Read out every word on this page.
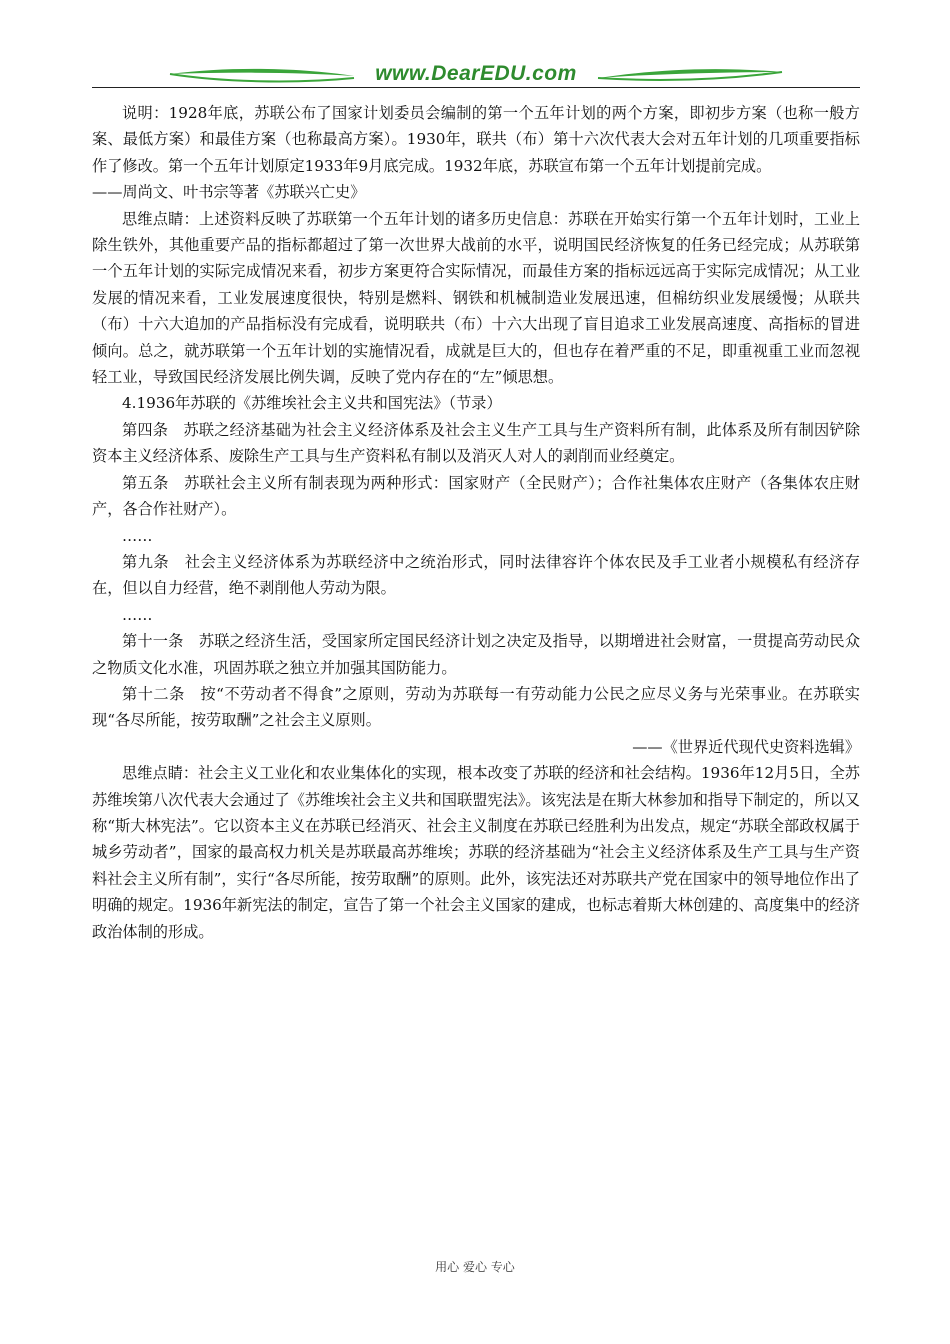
www.DearEDU.com

说明：1928年底，苏联公布了国家计划委员会编制的第一个五年计划的两个方案，即初步方案（也称一般方案、最低方案）和最佳方案（也称最高方案）。1930年，联共（布）第十六次代表大会对五年计划的几项重要指标作了修改。第一个五年计划原定1933年9月底完成。1932年底，苏联宣布第一个五年计划提前完成。

——周尚文、叶书宗等著《苏联兴亡史》

思维点睛：上述资料反映了苏联第一个五年计划的诸多历史信息：苏联在开始实行第一个五年计划时，工业上除生铁外，其他重要产品的指标都超过了第一次世界大战前的水平，说明国民经济恢复的任务已经完成；从苏联第一个五年计划的实际完成情况来看，初步方案更符合实际情况，而最佳方案的指标远远高于实际完成情况；从工业发展的情况来看，工业发展速度很快，特别是燃料、钢铁和机械制造业发展迅速，但棉纺织业发展缓慢；从联共（布）十六大追加的产品指标没有完成看，说明联共（布）十六大出现了盲目追求工业发展高速度、高指标的冒进倾向。总之，就苏联第一个五年计划的实施情况看，成就是巨大的，但也存在着严重的不足，即重视重工业而忽视轻工业，导致国民经济发展比例失调，反映了党内存在的“左”倾思想。

4.1936年苏联的《苏维埃社会主义共和国宪法》（节录）

第四条　苏联之经济基础为社会主义经济体系及社会主义生产工具与生产资料所有制，此体系及所有制因铲除资本主义经济体系、废除生产工具与生产资料私有制以及消灭人对人的剥削而业经奠定。

第五条　苏联社会主义所有制表现为两种形式：国家财产（全民财产）；合作社集体农庄财产（各集体农庄财产，各合作社财产）。

……

第九条　社会主义经济体系为苏联经济中之统治形式，同时法律容许个体农民及手工业者小规模私有经济存在，但以自力经营，绝不剥削他人劳动为限。

……

第十一条　苏联之经济生活，受国家所定国民经济计划之决定及指导，以期增进社会财富，一贯提高劳动民众之物质文化水准，巩固苏联之独立并加强其国防能力。

第十二条　按“不劳动者不得食”之原则，劳动为苏联每一有劳动能力公民之应尽义务与光荣事业。在苏联实现“各尽所能，按劳取酬”之社会主义原则。

——《世界近代现代史资料选辑》

思维点睛：社会主义工业化和农业集体化的实现，根本改变了苏联的经济和社会结构。1936年12月5日，全苏苏维埃第八次代表大会通过了《苏维埃社会主义共和国联盟宪法》。该宪法是在斯大林参加和指导下制定的，所以又称“斯大林宪法”。它以资本主义在苏联已经消灭、社会主义制度在苏联已经胜利为出发点，规定“苏联全部政权属于城乡劳动者”，国家的最高权力机关是苏联最高苏维埃；苏联的经济基础为“社会主义经济体系及生产工具与生产资料社会主义所有制”，实行“各尽所能，按劳取酬”的原则。此外，该宪法还对苏联共产党在国家中的领导地位作出了明确的规定。1936年新宪法的制定，宣告了第一个社会主义国家的建成，也标志着斯大林创建的、高度集中的经济政治体制的形成。

用心 爱心 专心
